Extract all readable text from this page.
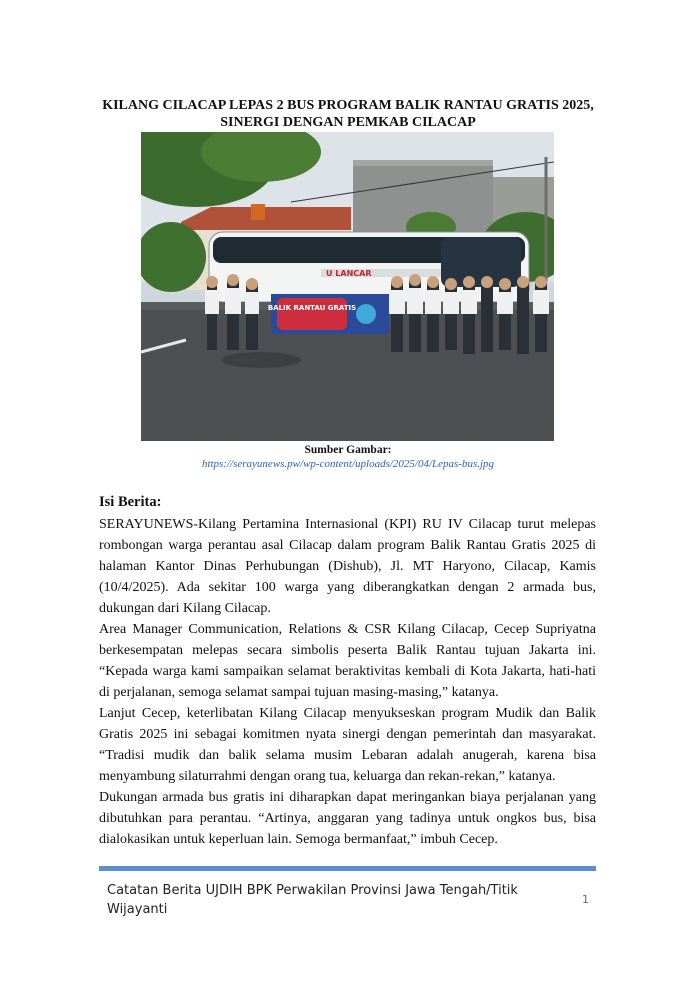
KILANG CILACAP LEPAS 2 BUS PROGRAM BALIK RANTAU GRATIS 2025, SINERGI DENGAN PEMKAB CILACAP
U LANCAR
BALIK RANTAU GRATIS
Sumber Gambar:
https://serayunews.pw/wp-content/uploads/2025/04/Lepas-bus.jpg
Isi Berita:

SERAYUNEWS-Kilang Pertamina Internasional (KPI) RU IV Cilacap turut melepas rombongan warga perantau asal Cilacap dalam program Balik Rantau Gratis 2025 di halaman Kantor Dinas Perhubungan (Dishub), Jl. MT Haryono, Cilacap, Kamis (10/4/2025). Ada sekitar 100 warga yang diberangkatkan dengan 2 armada bus, dukungan dari Kilang Cilacap.

Area Manager Communication, Relations & CSR Kilang Cilacap, Cecep Supriyatna berkesempatan melepas secara simbolis peserta Balik Rantau tujuan Jakarta ini. “Kepada warga kami sampaikan selamat beraktivitas kembali di Kota Jakarta, hati-hati di perjalanan, semoga selamat sampai tujuan masing-masing,” katanya.

Lanjut Cecep, keterlibatan Kilang Cilacap menyukseskan program Mudik dan Balik Gratis 2025 ini sebagai komitmen nyata sinergi dengan pemerintah dan masyarakat. “Tradisi mudik dan balik selama musim Lebaran adalah anugerah, karena bisa menyambung silaturrahmi dengan orang tua, keluarga dan rekan-rekan,” katanya.

Dukungan armada bus gratis ini diharapkan dapat meringankan biaya perjalanan yang dibutuhkan para perantau. “Artinya, anggaran yang tadinya untuk ongkos bus, bisa dialokasikan untuk keperluan lain. Semoga bermanfaat,” imbuh Cecep.

Catatan Berita UJDIH BPK Perwakilan Provinsi Jawa Tengah/Titik Wijayanti
1
